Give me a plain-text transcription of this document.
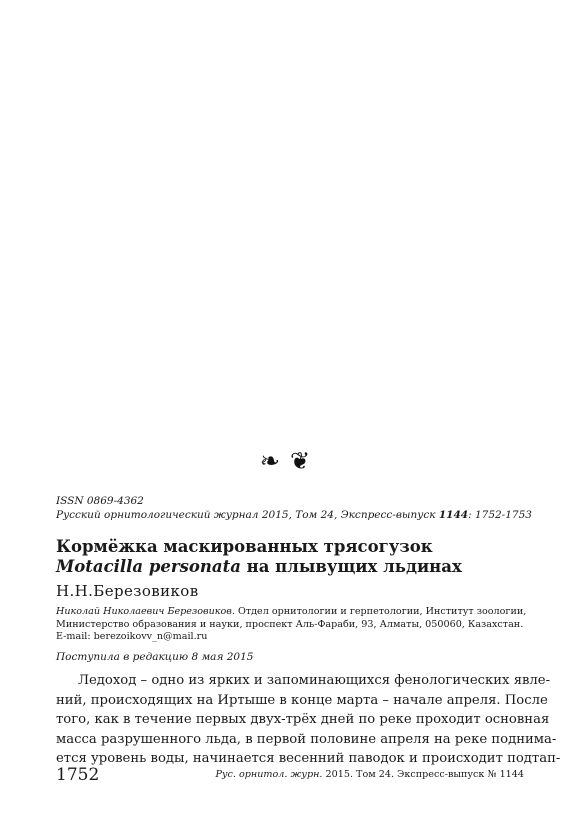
❧❦
ISSN 0869-4362
Русский орнитологический журнал 2015, Том 24, Экспресс-выпуск 1144: 1752-1753
Кормёжка маскированных трясогузок
Motacilla personata на плывущих льдинах
Н.Н.Березовиков
Николай Николаевич Березовиков. Отдел орнитологии и герпетологии, Институт зоологии,
Министерство образования и науки, проспект Аль-Фараби, 93, Алматы, 050060, Казахстан.
E-mail: berezoikovv_n@mail.ru
Поступила в редакцию 8 мая 2015
Ледоход – одно из ярких и запоминающихся фенологических явле-
ний, происходящих на Иртыше в конце марта – начале апреля. После
того, как в течение первых двух-трёх дней по реке проходит основная
масса разрушенного льда, в первой половине апреля на реке поднима-
ется уровень воды, начинается весенний паводок и происходит подтап-
1752	Рус. орнитол. журн. 2015. Том 24. Экспресс-выпуск № 1144
